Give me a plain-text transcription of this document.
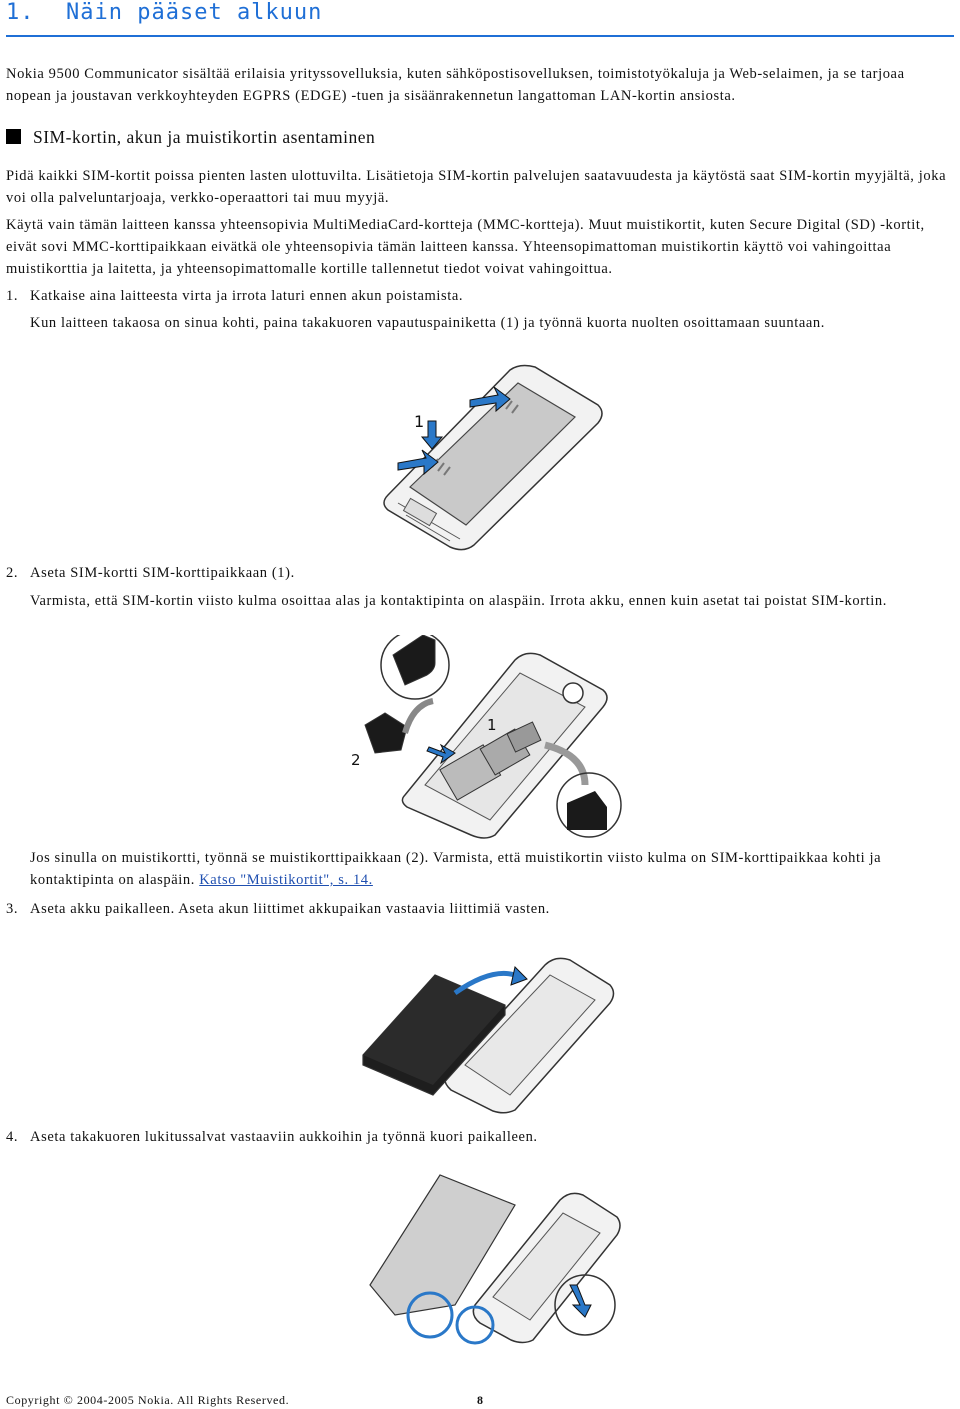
1. Näin pääset alkuun
Nokia 9500 Communicator sisältää erilaisia yrityssovelluksia, kuten sähköpostisovelluksen, toimistotyökaluja ja Web-selaimen, ja se tarjoaa nopean ja joustavan verkkoyhteyden EGPRS (EDGE) -tuen ja sisäänrakennetun langattoman LAN-kortin ansiosta.
SIM-kortin, akun ja muistikortin asentaminen
Pidä kaikki SIM-kortit poissa pienten lasten ulottuvilta. Lisätietoja SIM-kortin palvelujen saatavuudesta ja käytöstä saat SIM-kortin myyjältä, joka voi olla palveluntarjoaja, verkko-operaattori tai muu myyjä.
Käytä vain tämän laitteen kanssa yhteensopivia MultiMediaCard-kortteja (MMC-kortteja). Muut muistikortit, kuten Secure Digital (SD) -kortit, eivät sovi MMC-korttipaikkaan eivätkä ole yhteensopivia tämän laitteen kanssa. Yhteensopimattoman muistikortin käyttö voi vahingoittaa muistikorttia ja laitetta, ja yhteensopimattomalle kortille tallennetut tiedot voivat vahingoittua.
1. Katkaise aina laitteesta virta ja irrota laturi ennen akun poistamista.
Kun laitteen takaosa on sinua kohti, paina takakuoren vapautuspainiketta (1) ja työnnä kuorta nuolten osoittamaan suuntaan.
1
2. Aseta SIM-kortti SIM-korttipaikkaan (1).
Varmista, että SIM-kortin viisto kulma osoittaa alas ja kontaktipinta on alaspäin. Irrota akku, ennen kuin asetat tai poistat SIM-kortin.
1
2
Jos sinulla on muistikortti, työnnä se muistikorttipaikkaan (2). Varmista, että muistikortin viisto kulma on SIM-korttipaikkaa kohti ja kontaktipinta on alaspäin. Katso "Muistikortit", s. 14.
3. Aseta akku paikalleen. Aseta akun liittimet akkupaikan vastaavia liittimiä vasten.
4. Aseta takakuoren lukitussalvat vastaaviin aukkoihin ja työnnä kuori paikalleen.
Copyright © 2004-2005 Nokia. All Rights Reserved.	8
